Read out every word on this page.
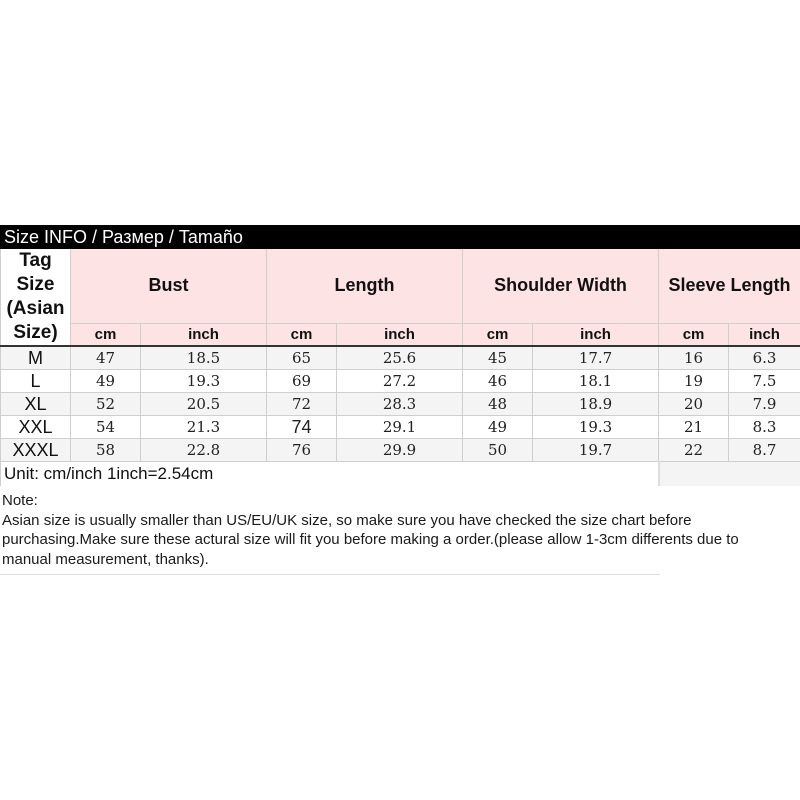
Size INFO / Размер / Tamaño								

Tag
Size
(Asian
Size)	Bust		Length		Shoulder Width		Sleeve Length	
	cm	inch	cm	inch	cm	inch	cm	inch
M	47	18.5	65	25.6	45	17.7	16	6.3
L	49	19.3	69	27.2	46	18.1	19	7.5
XL	52	20.5	72	28.3	48	18.9	20	7.9
XXL	54	21.3	74	29.1	49	19.3	21	8.3
XXXL	58	22.8	76	29.9	50	19.7	22	8.7
Unit: cm/inch 1inch=2.54cm								

Note:

Asian size is usually smaller than US/EU/UK size, so make sure you have checked the size chart before purchasing.Make sure these actural size will fit you before making a order.(please allow 1-3cm differents due to manual measurement, thanks).
